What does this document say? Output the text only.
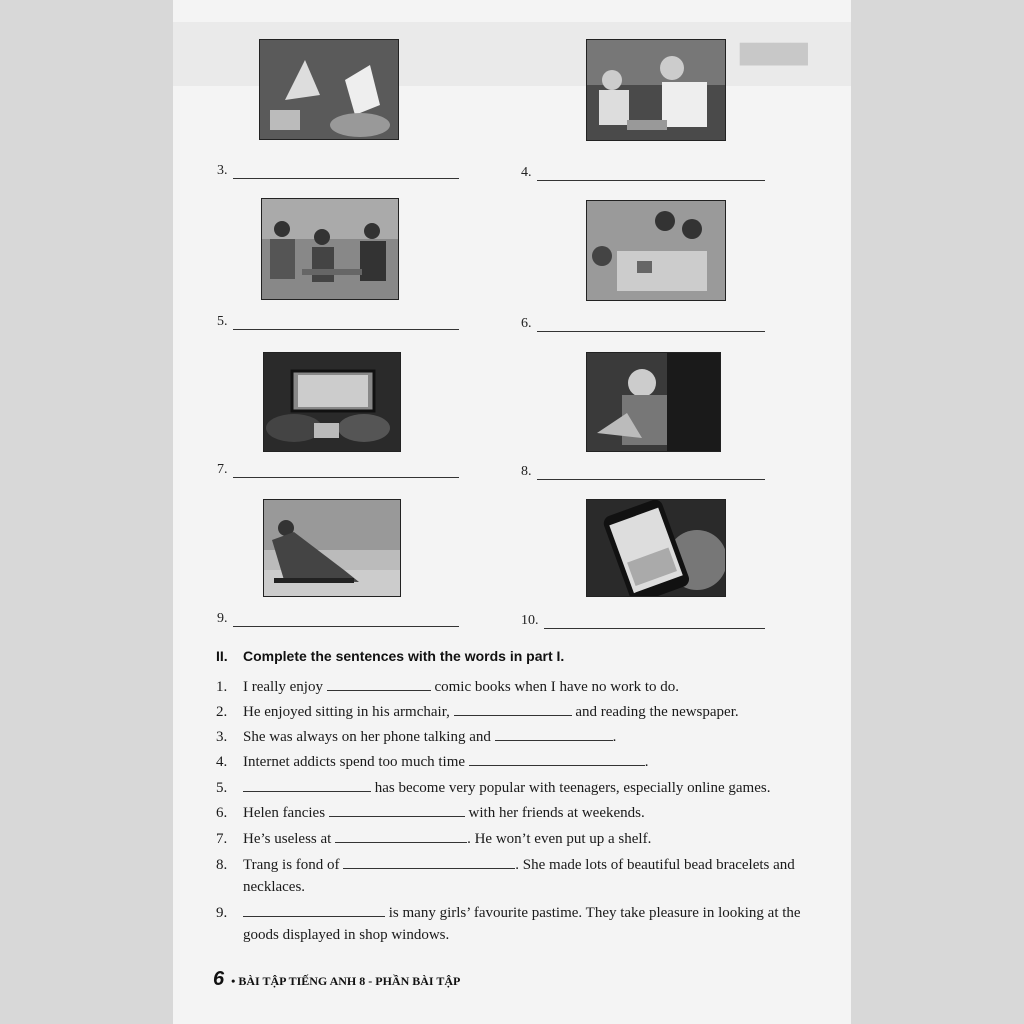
▇▇▇▇
3.	4.
5.	6.
7.	8.
9.	10.
II. Complete the sentences with the words in part I.
1. I really enjoy	comic books when I have no work to do.
2. He enjoyed sitting in his armchair,	and reading the newspaper.
3. She was always on her phone talking and	.
4. Internet addicts spend too much time	.
5.	has become very popular with teenagers, especially online games.
6. Helen fancies	with her friends at weekends.
7. He’s useless at	. He won’t even put up a shelf.
8. Trang is fond of	. She made lots of beautiful bead bracelets and necklaces.
9.	is many girls’ favourite pastime. They take pleasure in looking at the goods displayed in shop windows.
6 • BÀI TẬP TIẾNG ANH 8 - PHẦN BÀI TẬP
